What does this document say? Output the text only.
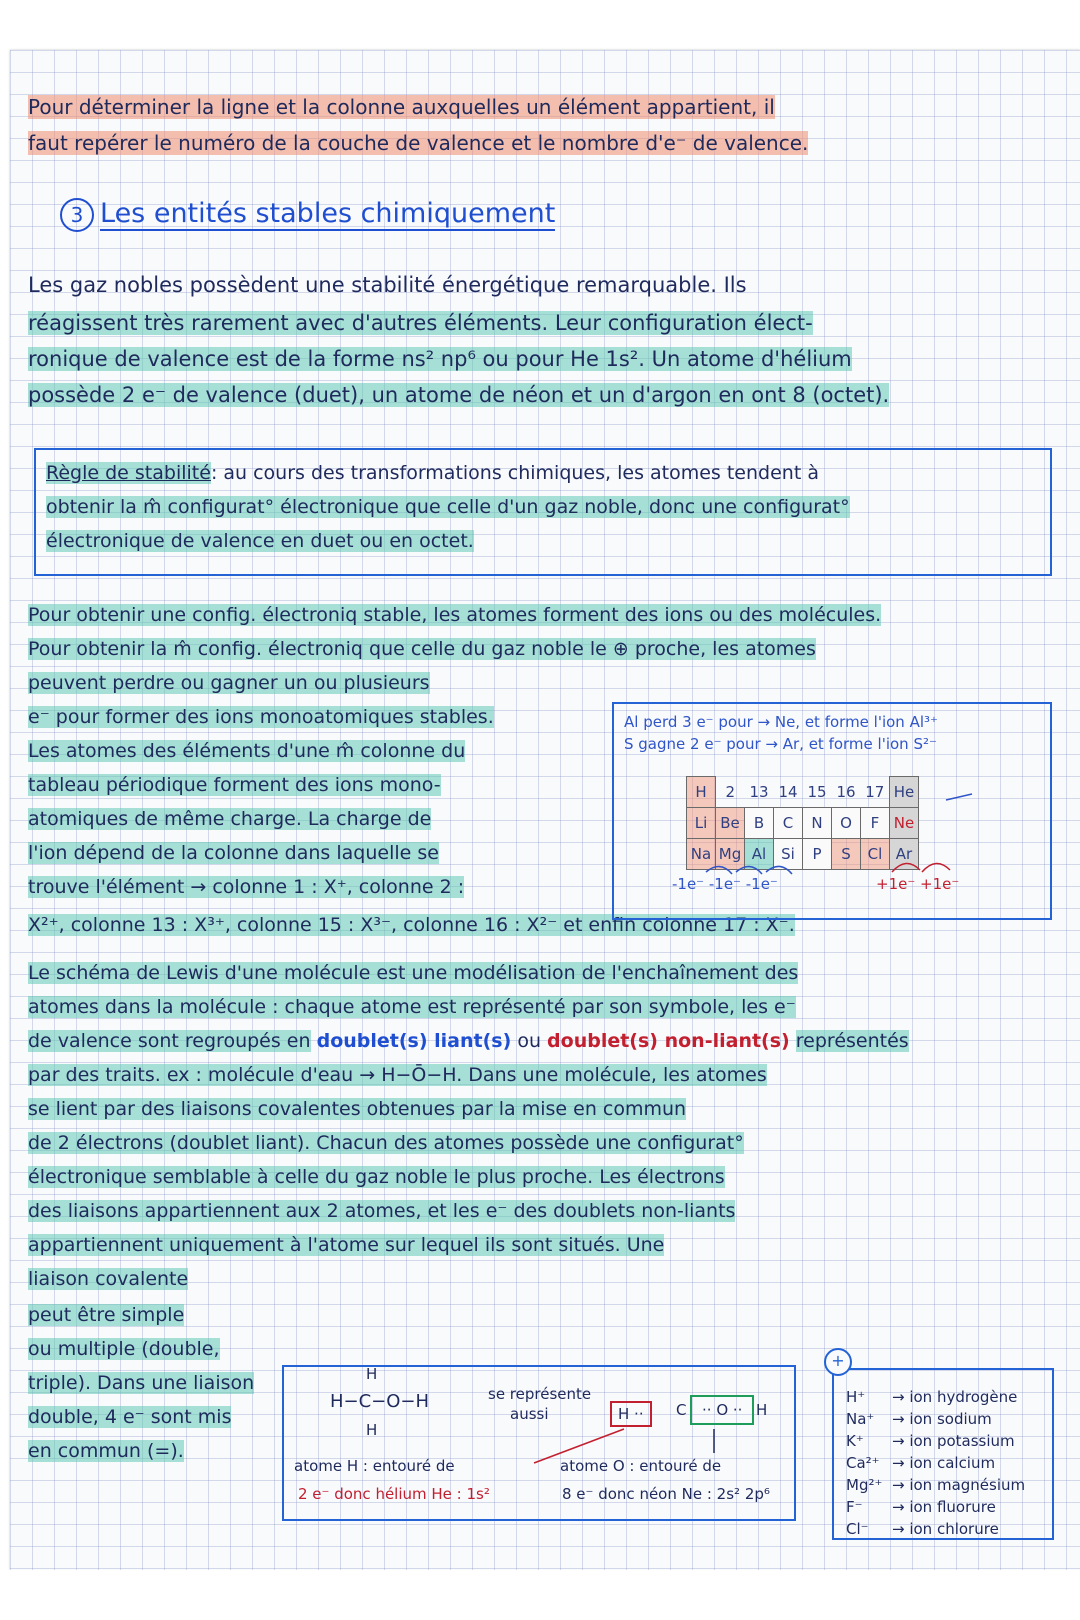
Pour déterminer la ligne et la colonne auxquelles un élément appartient, il

faut repérer le numéro de la couche de valence et le nombre d'e⁻ de valence.

3 Les entités stables chimiquement

Les gaz nobles possèdent une stabilité énergétique remarquable. Ils

réagissent très rarement avec d'autres éléments. Leur configuration élect-

ronique de valence est de la forme ns² np⁶ ou pour He 1s². Un atome d'hélium

possède 2 e⁻ de valence (duet), un atome de néon et un d'argon en ont 8 (octet).

Règle de stabilité: au cours des transformations chimiques, les atomes tendent à

obtenir la m̂ configurat° électronique que celle d'un gaz noble, donc une configurat°

électronique de valence en duet ou en octet.

Pour obtenir une config. électroniq stable, les atomes forment des ions ou des molécules.

Pour obtenir la m̂ config. électroniq que celle du gaz noble le ⊕ proche, les atomes

peuvent perdre ou gagner un ou plusieurs

e⁻ pour former des ions monoatomiques stables.

Les atomes des éléments d'une m̂ colonne du

tableau périodique forment des ions mono-

atomiques de même charge. La charge de

l'ion dépend de la colonne dans laquelle se

trouve l'élément → colonne 1 : X⁺, colonne 2 :

X²⁺, colonne 13 : X³⁺, colonne 15 : X³⁻, colonne 16 : X²⁻ et enfin colonne 17 : X⁻.

Al perd 3 e⁻ pour → Ne, et forme l'ion Al³⁺
S gagne 2 e⁻ pour → Ar, et forme l'ion S²⁻
H	2	13	14	15	16	17	He
Li	Be	B	C	N	O	F	Ne
Na	Mg	Al	Si	P	S	Cl	Ar
-1e⁻ -1e⁻ -1e⁻	+1e⁻ +1e⁻

Le schéma de Lewis d'une molécule est une modélisation de l'enchaînement des

atomes dans la molécule : chaque atome est représenté par son symbole, les e⁻

de valence sont regroupés en doublet(s) liant(s) ou doublet(s) non-liant(s) représentés

par des traits. ex : molécule d'eau → H−Ō−H. Dans une molécule, les atomes

se lient par des liaisons covalentes obtenues par la mise en commun

de 2 électrons (doublet liant). Chacun des atomes possède une configurat°

électronique semblable à celle du gaz noble le plus proche. Les électrons

des liaisons appartiennent aux 2 atomes, et les e⁻ des doublets non-liants

appartiennent uniquement à l'atome sur lequel ils sont situés. Une

liaison covalente

peut être simple

ou multiple (double,

triple). Dans une liaison

double, 4 e⁻ sont mis

en commun (=).

H
H−C−O−H
H
se représente
aussi	H ··	C	·· O ·· H
atome H : entouré de
2 e⁻ donc hélium He : 1s²
atome O : entouré de
8 e⁻ donc néon Ne : 2s² 2p⁶
+
H⁺ → ion hydrogène
Na⁺ → ion sodium
K⁺ → ion potassium
Ca²⁺ → ion calcium
Mg²⁺ → ion magnésium
F⁻ → ion fluorure
Cl⁻ → ion chlorure
